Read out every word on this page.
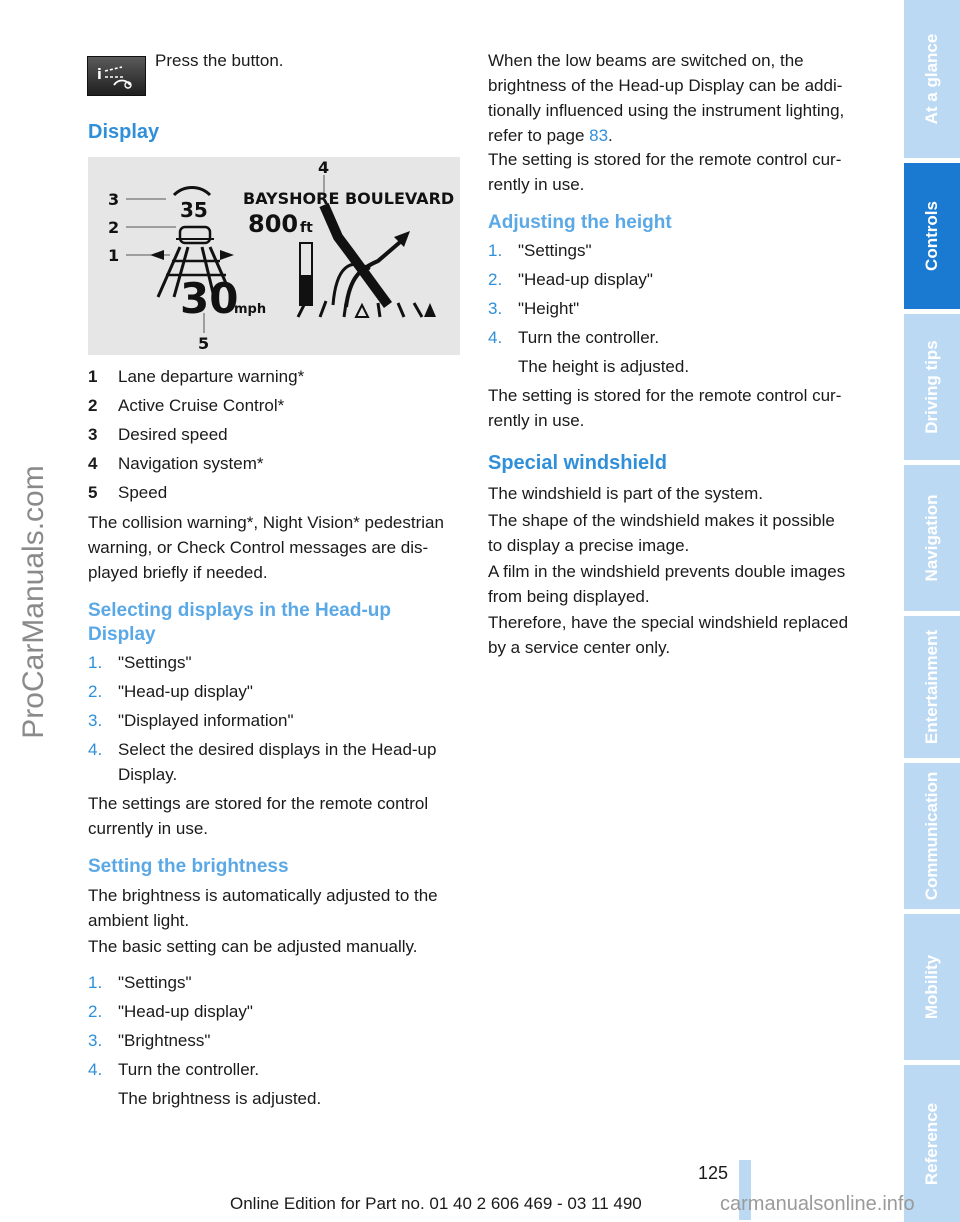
ProCarManuals.com
i
Press the button.
Display
3
2
1
4
5
35
30
mph
BAYSHORE BOULEVARD
800 ft
1 Lane departure warning*
2 Active Cruise Control*
3 Desired speed
4 Navigation system*
5 Speed
The collision warning*, Night Vision* pedestrian
warning, or Check Control messages are dis-
played briefly if needed.
Selecting displays in the Head-up
Display
1. "Settings"
2. "Head-up display"
3. "Displayed information"
4. Select the desired displays in the Head-up
Display.
The settings are stored for the remote control
currently in use.
Setting the brightness
The brightness is automatically adjusted to the
ambient light.
The basic setting can be adjusted manually.
1. "Settings"
2. "Head-up display"
3. "Brightness"
4. Turn the controller.
The brightness is adjusted.
When the low beams are switched on, the
brightness of the Head-up Display can be addi-
tionally influenced using the instrument lighting,
refer to page 83.
The setting is stored for the remote control cur-
rently in use.
Adjusting the height
1. "Settings"
2. "Head-up display"
3. "Height"
4. Turn the controller.
The height is adjusted.
The setting is stored for the remote control cur-
rently in use.
Special windshield
The windshield is part of the system.
The shape of the windshield makes it possible
to display a precise image.
A film in the windshield prevents double images
from being displayed.
Therefore, have the special windshield replaced
by a service center only.
At a glance
Controls
Driving tips
Navigation
Entertainment
Communication
Mobility
Reference
125
Online Edition for Part no. 01 40 2 606 469 - 03 11 490	carmanualsonline.info
